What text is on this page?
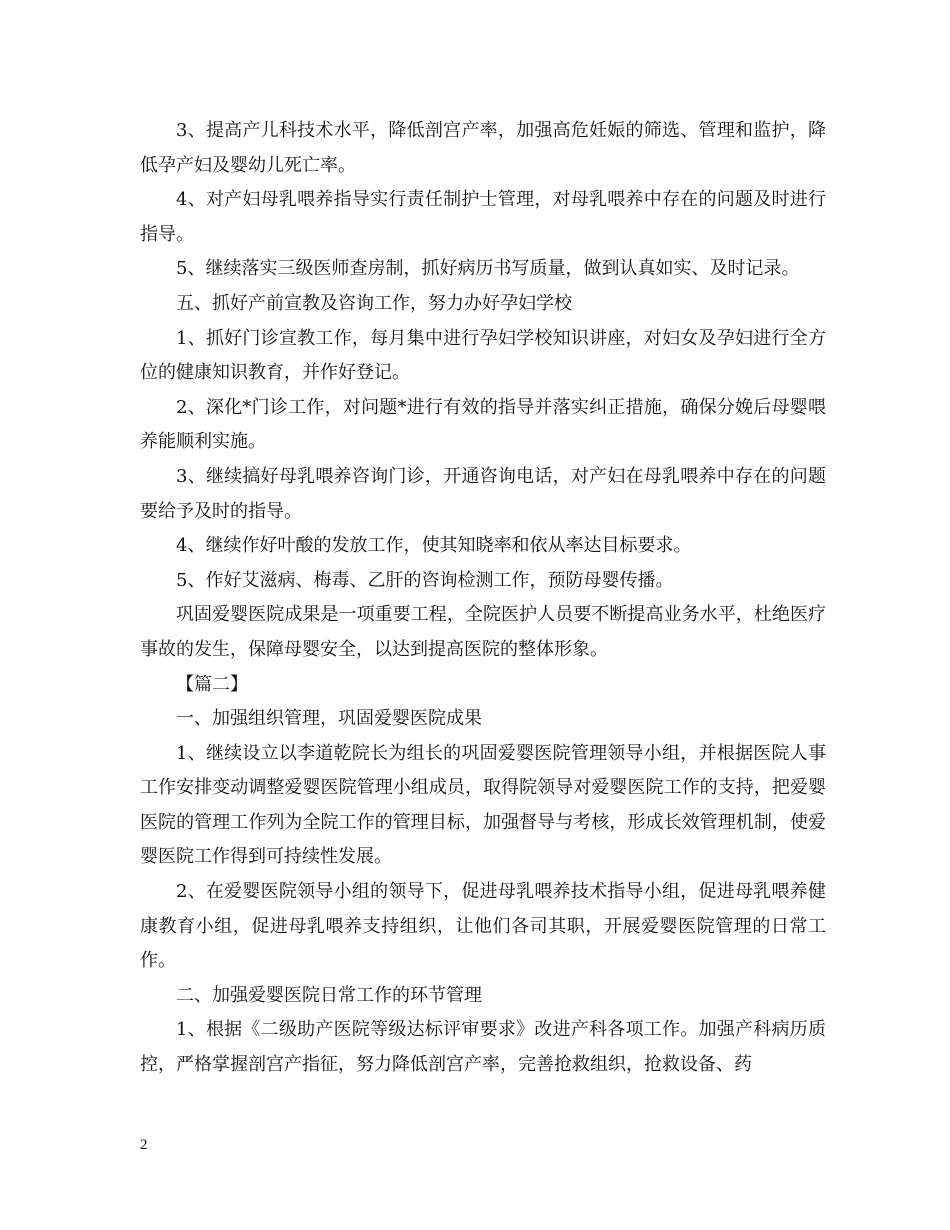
3、提高产儿科技术水平，降低剖宫产率，加强高危妊娠的筛选、管理和监护，降低孕产妇及婴幼儿死亡率。

4、对产妇母乳喂养指导实行责任制护士管理，对母乳喂养中存在的问题及时进行指导。

5、继续落实三级医师查房制，抓好病历书写质量，做到认真如实、及时记录。

五、抓好产前宣教及咨询工作，努力办好孕妇学校

1、抓好门诊宣教工作，每月集中进行孕妇学校知识讲座，对妇女及孕妇进行全方位的健康知识教育，并作好登记。

2、深化*门诊工作，对问题*进行有效的指导并落实纠正措施，确保分娩后母婴喂养能顺利实施。

3、继续搞好母乳喂养咨询门诊，开通咨询电话，对产妇在母乳喂养中存在的问题要给予及时的指导。

4、继续作好叶酸的发放工作，使其知晓率和依从率达目标要求。

5、作好艾滋病、梅毒、乙肝的咨询检测工作，预防母婴传播。

巩固爱婴医院成果是一项重要工程，全院医护人员要不断提高业务水平，杜绝医疗事故的发生，保障母婴安全，以达到提高医院的整体形象。

【篇二】

一、加强组织管理，巩固爱婴医院成果

1、继续设立以李道乾院长为组长的巩固爱婴医院管理领导小组，并根据医院人事工作安排变动调整爱婴医院管理小组成员，取得院领导对爱婴医院工作的支持，把爱婴医院的管理工作列为全院工作的管理目标，加强督导与考核，形成长效管理机制，使爱婴医院工作得到可持续性发展。

2、在爱婴医院领导小组的领导下，促进母乳喂养技术指导小组，促进母乳喂养健康教育小组，促进母乳喂养支持组织，让他们各司其职，开展爱婴医院管理的日常工作。

二、加强爱婴医院日常工作的环节管理

1、根据《二级助产医院等级达标评审要求》改进产科各项工作。加强产科病历质控，严格掌握剖宫产指征，努力降低剖宫产率，完善抢救组织，抢救设备、药

2
